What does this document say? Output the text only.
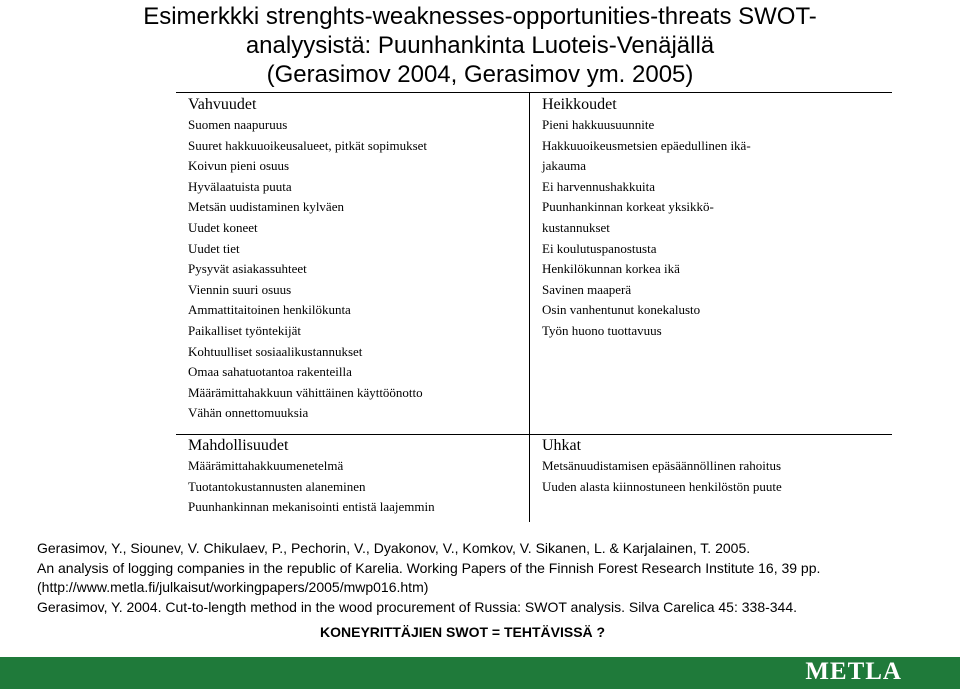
Esimerkkki strenghts-weaknesses-opportunities-threats SWOT-
analyysistä: Puunhankinta Luoteis-Venäjällä
(Gerasimov 2004, Gerasimov ym. 2005)
Vahvuudet
Suomen naapuruus
Suuret hakkuuoikeusalueet, pitkät sopimukset
Koivun pieni osuus
Hyvälaatuista puuta
Metsän uudistaminen kylväen
Uudet koneet
Uudet tiet
Pysyvät asiakassuhteet
Viennin suuri osuus
Ammattitaitoinen henkilökunta
Paikalliset työntekijät
Kohtuulliset sosiaalikustannukset
Omaa sahatuotantoa rakenteilla
Määrämittahakkuun vähittäinen käyttöönotto
Vähän onnettomuuksia
Heikkoudet
Pieni hakkuusuunnite
Hakkuuoikeusmetsien epäedullinen ikä-
jakauma
Ei harvennushakkuita
Puunhankinnan korkeat yksikkö-
kustannukset
Ei koulutuspanostusta
Henkilökunnan korkea ikä
Savinen maaperä
Osin vanhentunut konekalusto
Työn huono tuottavuus
Mahdollisuudet
Määrämittahakkuumenetelmä
Tuotantokustannusten alaneminen
Puunhankinnan mekanisointi entistä laajemmin
Uhkat
Metsänuudistamisen epäsäännöllinen rahoitus
Uuden alasta kiinnostuneen henkilöstön puute
Gerasimov, Y., Siounev, V. Chikulaev, P., Pechorin, V., Dyakonov, V., Komkov, V. Sikanen, L. & Karjalainen, T. 2005.
An analysis of logging companies in the republic of Karelia. Working Papers of the Finnish Forest Research Institute 16, 39 pp.
(http://www.metla.fi/julkaisut/workingpapers/2005/mwp016.htm)
Gerasimov, Y. 2004. Cut-to-length method in the wood procurement of Russia: SWOT analysis. Silva Carelica 45: 338-344.
KONEYRITTÄJIEN SWOT = TEHTÄVISSÄ ?
METLA
